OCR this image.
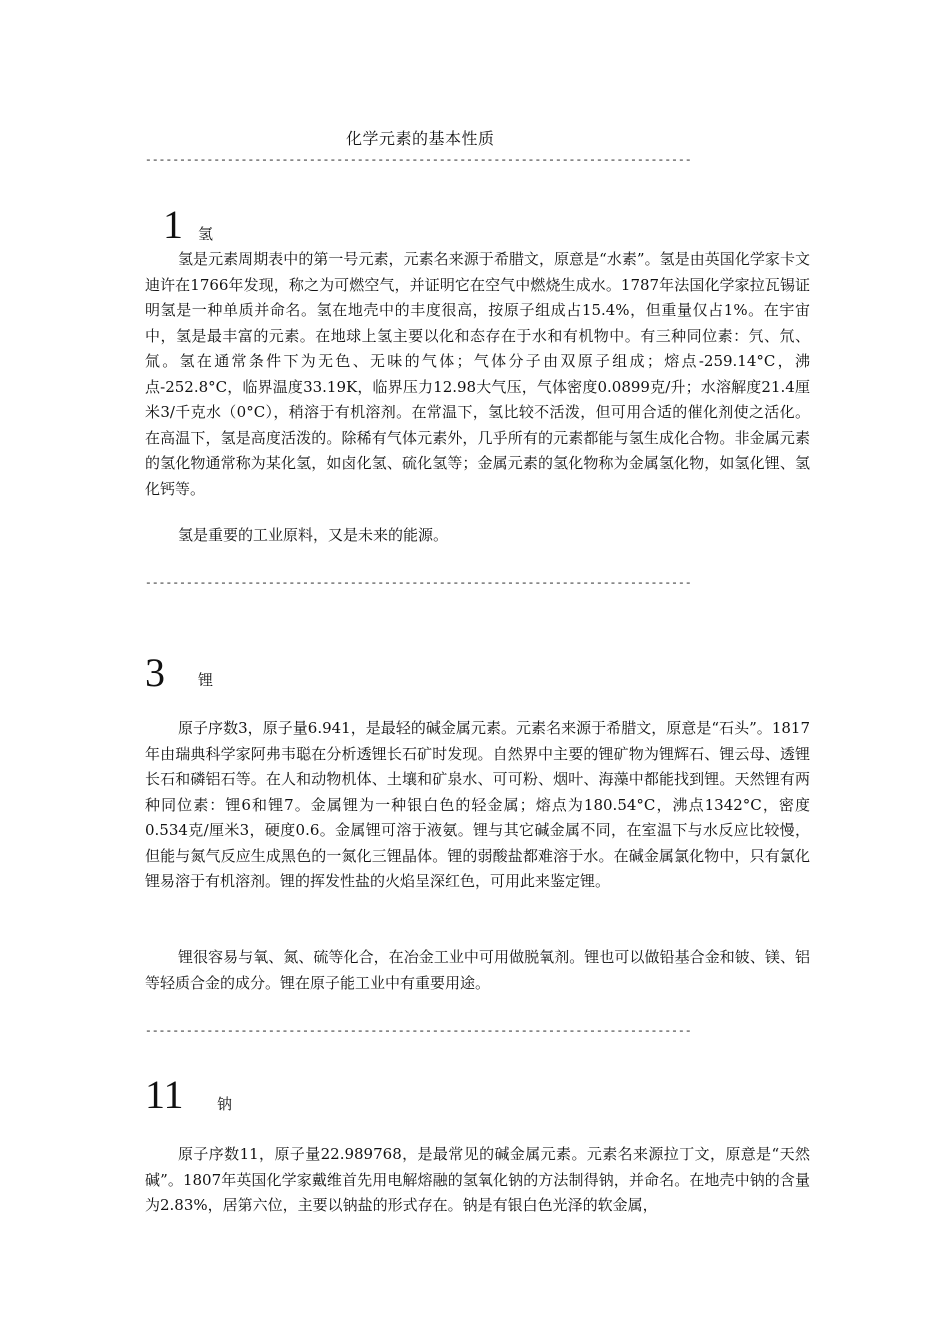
化学元素的基本性质
--------------------------------------------------------------------------------
1 氢

氢是元素周期表中的第一号元素，元素名来源于希腊文，原意是“水素”。氢是由英国化学家卡文迪许在1766年发现，称之为可燃空气，并证明它在空气中燃烧生成水。1787年法国化学家拉瓦锡证明氢是一种单质并命名。氢在地壳中的丰度很高，按原子组成占15.4%，但重量仅占1%。在宇宙中，氢是最丰富的元素。在地球上氢主要以化和态存在于水和有机物中。有三种同位素：氕、氘、氚。氢在通常条件下为无色、无味的气体；气体分子由双原子组成；熔点-259.14°C，沸点-252.8°C，临界温度33.19K，临界压力12.98大气压，气体密度0.0899克/升；水溶解度21.4厘米3/千克水（0°C），稍溶于有机溶剂。在常温下，氢比较不活泼，但可用合适的催化剂使之活化。在高温下，氢是高度活泼的。除稀有气体元素外，几乎所有的元素都能与氢生成化合物。非金属元素的氢化物通常称为某化氢，如卤化氢、硫化氢等；金属元素的氢化物称为金属氢化物，如氢化锂、氢化钙等。

氢是重要的工业原料，又是未来的能源。

--------------------------------------------------------------------------------
3 锂

原子序数3，原子量6.941，是最轻的碱金属元素。元素名来源于希腊文，原意是“石头”。1817年由瑞典科学家阿弗韦聪在分析透锂长石矿时发现。自然界中主要的锂矿物为锂辉石、锂云母、透锂长石和磷铝石等。在人和动物机体、土壤和矿泉水、可可粉、烟叶、海藻中都能找到锂。天然锂有两种同位素：锂6和锂7。金属锂为一种银白色的轻金属；熔点为180.54°C，沸点1342°C，密度0.534克/厘米3，硬度0.6。金属锂可溶于液氨。锂与其它碱金属不同，在室温下与水反应比较慢，但能与氮气反应生成黑色的一氮化三锂晶体。锂的弱酸盐都难溶于水。在碱金属氯化物中，只有氯化锂易溶于有机溶剂。锂的挥发性盐的火焰呈深红色，可用此来鉴定锂。

锂很容易与氧、氮、硫等化合，在冶金工业中可用做脱氧剂。锂也可以做铅基合金和铍、镁、铝等轻质合金的成分。锂在原子能工业中有重要用途。

--------------------------------------------------------------------------------
11 钠

原子序数11，原子量22.989768，是最常见的碱金属元素。元素名来源拉丁文，原意是“天然碱”。1807年英国化学家戴维首先用电解熔融的氢氧化钠的方法制得钠，并命名。在地壳中钠的含量为2.83%，居第六位，主要以钠盐的形式存在。钠是有银白色光泽的软金属，
